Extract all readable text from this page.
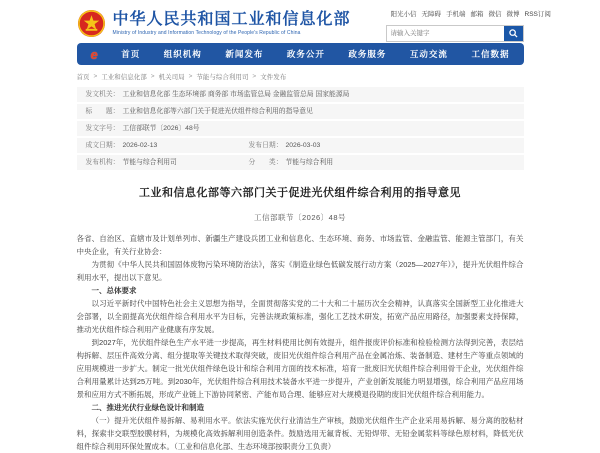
中华人民共和国工业和信息化部
Ministry of Industry and Information Technology of the People's Republic of China
阳光小信 无障碍 手机端 邮箱 微信 微博 RSS订阅
请输入关键字
e	首页	组织机构	新闻发布	政务公开	政务服务	互动交流	工信数据
首页 > 工业和信息化部 > 机关司局 > 节能与综合利用司 > 文件发布
发文机关： 工业和信息化部 生态环境部 商务部 市场监管总局 金融监管总局 国家能源局
标　　题： 工业和信息化部等六部门关于促进光伏组件综合利用的指导意见
发文字号： 工信部联节〔2026〕48号
成文日期： 2026-02-13	发布日期： 2026-03-03
发布机构： 节能与综合利用司	分　　类： 节能与综合利用
工业和信息化部等六部门关于促进光伏组件综合利用的指导意见
工信部联节〔2026〕48号

各省、自治区、直辖市及计划单列市、新疆生产建设兵团工业和信息化、生态环境、商务、市场监管、金融监管、能源主管部门，有关中央企业，有关行业协会：

为贯彻《中华人民共和国固体废物污染环境防治法》，落实《制造业绿色低碳发展行动方案（2025—2027年）》，提升光伏组件综合利用水平，提出以下意见。

一、总体要求

以习近平新时代中国特色社会主义思想为指导，全面贯彻落实党的二十大和二十届历次全会精神，认真落实全国新型工业化推进大会部署，以全面提高光伏组件综合利用水平为目标，完善法规政策标准，强化工艺技术研发，拓宽产品应用路径，加强要素支持保障，推动光伏组件综合利用产业健康有序发展。

到2027年，光伏组件绿色生产水平进一步提高，再生材料使用比例有效提升，组件报废评价标准和检验检测方法得到完善，表层结构拆解、层压件高效分离、组分提取等关键技术取得突破，废旧光伏组件综合利用产品在金属冶炼、装备制造、建材生产等重点领域的应用规模进一步扩大。制定一批光伏组件绿色设计和综合利用方面的技术标准，培育一批废旧光伏组件综合利用骨干企业，光伏组件综合利用量累计达到25万吨。到2030年，光伏组件综合利用技术装备水平进一步提升，产业创新发展能力明显增强，综合利用产品应用场景和应用方式不断拓展，形成产业链上下游协同紧密、产能布局合理、能够应对大规模退役期的废旧光伏组件综合利用能力。

二、推进光伏行业绿色设计和制造

（一）提升光伏组件易拆解、易利用水平。依法实施光伏行业清洁生产审核，鼓励光伏组件生产企业采用易拆解、易分离的胶粘材料，探索非交联型胶膜材料，为规模化高效拆解利用创造条件。鼓励选用无氟背板、无铅焊带、无铅金属浆料等绿色原材料，降低光伏组件综合利用环保处置成本。（工业和信息化部、生态环境部按职责分工负责）
